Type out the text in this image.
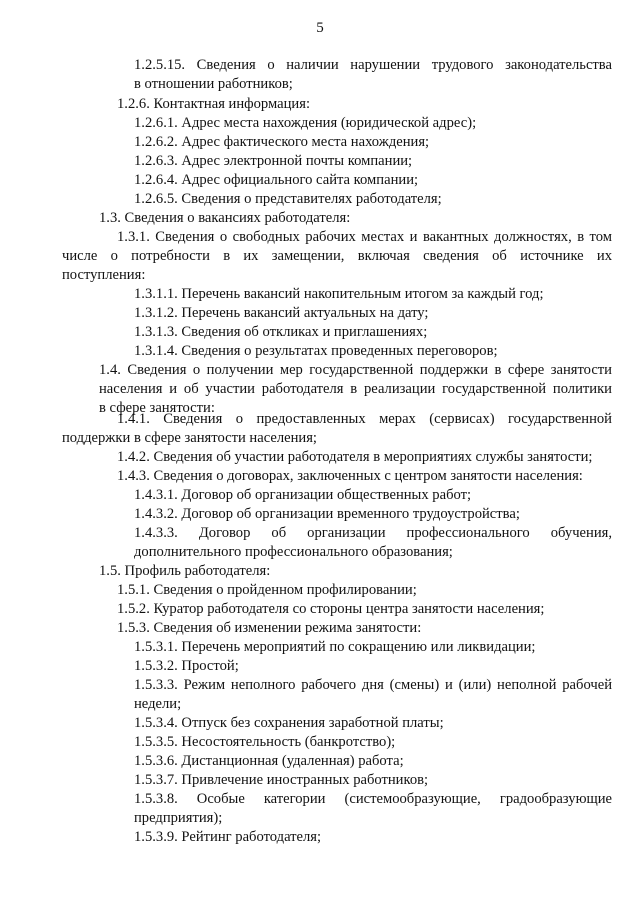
5
1.2.5.15. Сведения о наличии нарушении трудового законодательства
в отношении работников;
1.2.6. Контактная информация:
1.2.6.1. Адрес места нахождения (юридической адрес);
1.2.6.2. Адрес фактического места нахождения;
1.2.6.3. Адрес электронной почты компании;
1.2.6.4. Адрес официального сайта компании;
1.2.6.5. Сведения о представителях работодателя;
1.3. Сведения о вакансиях работодателя:
1.3.1. Сведения о свободных рабочих местах и вакантных должностях, в том
числе о потребности в их замещении, включая сведения об источнике их
поступления:
1.3.1.1. Перечень вакансий накопительным итогом за каждый год;
1.3.1.2. Перечень вакансий актуальных на дату;
1.3.1.3. Сведения об откликах и приглашениях;
1.3.1.4. Сведения о результатах проведенных переговоров;
1.4. Сведения о получении мер государственной поддержки в сфере занятости
населения и об участии работодателя в реализации государственной политики
в сфере занятости:
1.4.1. Сведения о предоставленных мерах (сервисах) государственной
поддержки в сфере занятости населения;
1.4.2. Сведения об участии работодателя в мероприятиях службы занятости;
1.4.3. Сведения о договорах, заключенных с центром занятости населения:
1.4.3.1. Договор об организации общественных работ;
1.4.3.2. Договор об организации временного трудоустройства;
1.4.3.3. Договор об организации профессионального обучения,
дополнительного профессионального образования;
1.5. Профиль работодателя:
1.5.1. Сведения о пройденном профилировании;
1.5.2. Куратор работодателя со стороны центра занятости населения;
1.5.3. Сведения об изменении режима занятости:
1.5.3.1. Перечень мероприятий по сокращению или ликвидации;
1.5.3.2. Простой;
1.5.3.3. Режим неполного рабочего дня (смены) и (или) неполной рабочей
недели;
1.5.3.4. Отпуск без сохранения заработной платы;
1.5.3.5. Несостоятельность (банкротство);
1.5.3.6. Дистанционная (удаленная) работа;
1.5.3.7. Привлечение иностранных работников;
1.5.3.8. Особые категории (системообразующие, градообразующие
предприятия);
1.5.3.9. Рейтинг работодателя;
